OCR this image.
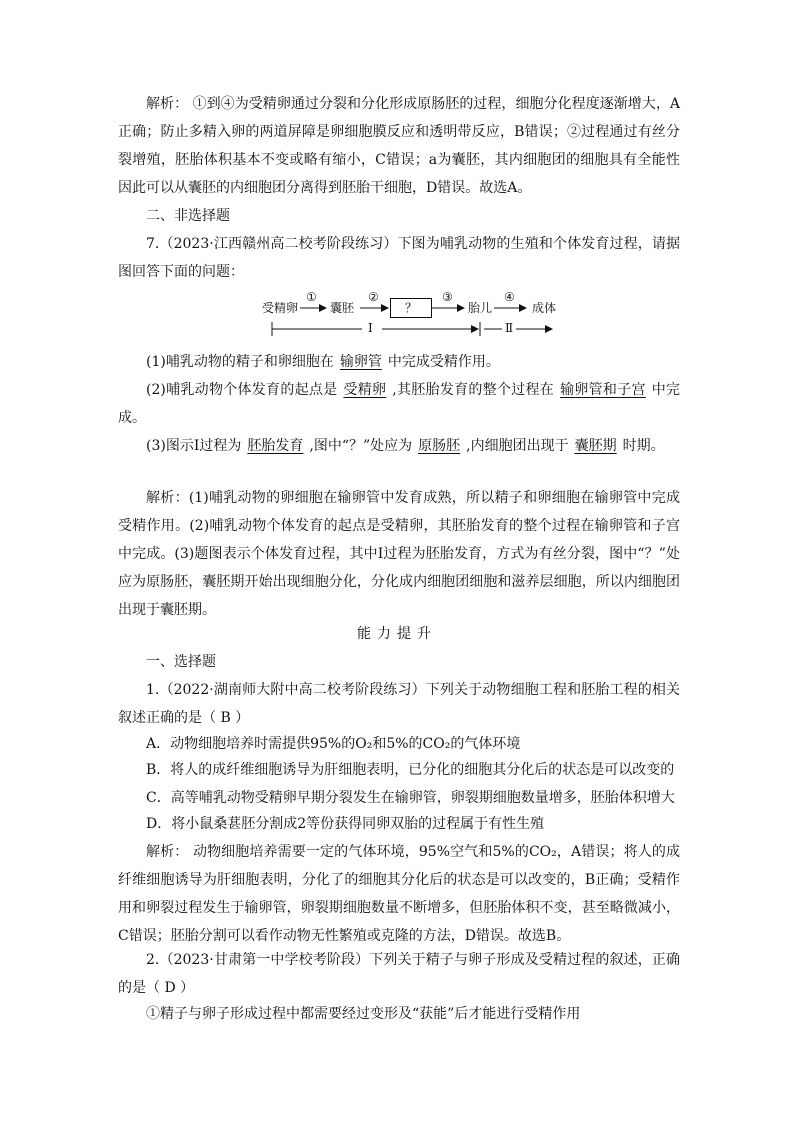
解析： ①到④为受精卵通过分裂和分化形成原肠胚的过程，细胞分化程度逐渐增大，A正确；防止多精入卵的两道屏障是卵细胞膜反应和透明带反应，B错误；②过程通过有丝分裂增殖，胚胎体积基本不变或略有缩小，C错误；a为囊胚，其内细胞团的细胞具有全能性因此可以从囊胚的内细胞团分离得到胚胎干细胞，D错误。故选A。
二、非选择题
7.（2023·江西赣州高二校考阶段练习）下图为哺乳动物的生殖和个体发育过程，请据图回答下面的问题：
受精卵
①
囊胚
②
？
③
胎儿
④
成体
Ⅰ	Ⅱ
(1)哺乳动物的精子和卵细胞在 输卵管 中完成受精作用。
(2)哺乳动物个体发育的起点是 受精卵 ,其胚胎发育的整个过程在 输卵管和子宫 中完成。
(3)图示Ⅰ过程为 胚胎发育 ,图中“？”处应为 原肠胚 ,内细胞团出现于 囊胚期 时期。
解析：(1)哺乳动物的卵细胞在输卵管中发育成熟，所以精子和卵细胞在输卵管中完成受精作用。(2)哺乳动物个体发育的起点是受精卵，其胚胎发育的整个过程在输卵管和子宫中完成。(3)题图表示个体发育过程，其中Ⅰ过程为胚胎发育，方式为有丝分裂，图中“？”处应为原肠胚，囊胚期开始出现细胞分化，分化成内细胞团细胞和滋养层细胞，所以内细胞团出现于囊胚期。
能力提升
一、选择题
1.（2022·湖南师大附中高二校考阶段练习）下列关于动物细胞工程和胚胎工程的相关叙述正确的是（ B ）
A．动物细胞培养时需提供95%的O₂和5%的CO₂的气体环境
B．将人的成纤维细胞诱导为肝细胞表明，已分化的细胞其分化后的状态是可以改变的
C．高等哺乳动物受精卵早期分裂发生在输卵管，卵裂期细胞数量增多，胚胎体积增大
D．将小鼠桑葚胚分割成2等份获得同卵双胎的过程属于有性生殖
解析： 动物细胞培养需要一定的气体环境，95%空气和5%的CO₂，A错误；将人的成纤维细胞诱导为肝细胞表明，分化了的细胞其分化后的状态是可以改变的，B正确；受精作用和卵裂过程发生于输卵管，卵裂期细胞数量不断增多，但胚胎体积不变，甚至略微减小，C错误；胚胎分割可以看作动物无性繁殖或克隆的方法，D错误。故选B。
2.（2023·甘肃第一中学校考阶段）下列关于精子与卵子形成及受精过程的叙述，正确的是（ D ）
①精子与卵子形成过程中都需要经过变形及“获能”后才能进行受精作用
